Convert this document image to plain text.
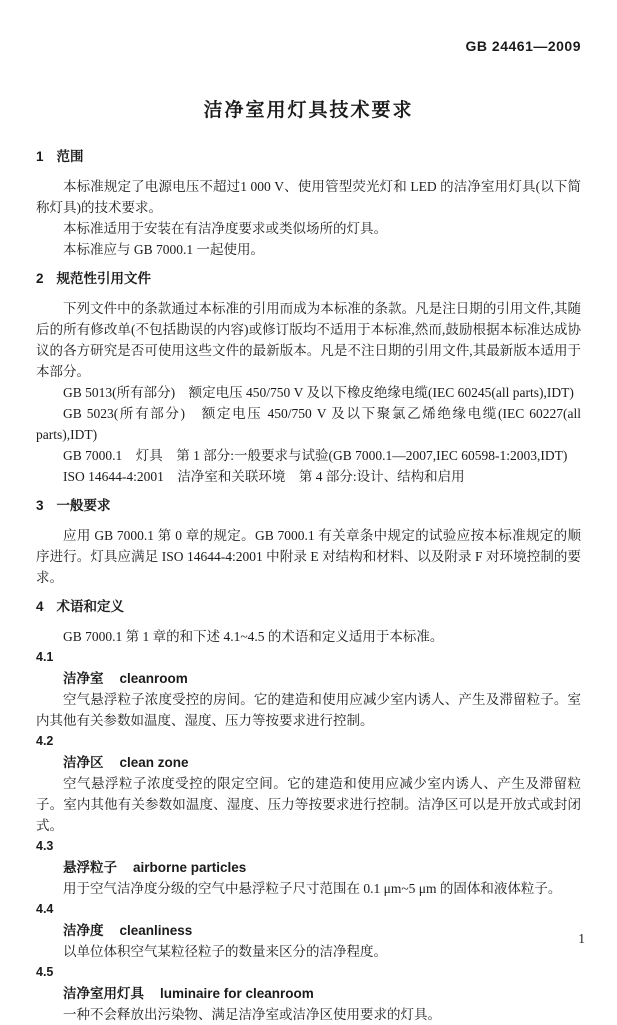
GB 24461—2009
洁净室用灯具技术要求
1 范围

本标准规定了电源电压不超过1 000 V、使用管型荧光灯和 LED 的洁净室用灯具(以下简称灯具)的技术要求。

本标准适用于安装在有洁净度要求或类似场所的灯具。

本标准应与 GB 7000.1 一起使用。

2 规范性引用文件

下列文件中的条款通过本标准的引用而成为本标准的条款。凡是注日期的引用文件,其随后的所有修改单(不包括勘误的内容)或修订版均不适用于本标准,然而,鼓励根据本标准达成协议的各方研究是否可使用这些文件的最新版本。凡是不注日期的引用文件,其最新版本适用于本部分。

GB 5013(所有部分)　额定电压 450/750 V 及以下橡皮绝缘电缆(IEC 60245(all parts),IDT)

GB 5023(所有部分)　额定电压 450/750 V 及以下聚氯乙烯绝缘电缆(IEC 60227(all parts),IDT)

GB 7000.1　灯具　第 1 部分:一般要求与试验(GB 7000.1—2007,IEC 60598-1:2003,IDT)

ISO 14644-4:2001　洁净室和关联环境　第 4 部分:设计、结构和启用

3 一般要求

应用 GB 7000.1 第 0 章的规定。GB 7000.1 有关章条中规定的试验应按本标准规定的顺序进行。灯具应满足 ISO 14644-4:2001 中附录 E 对结构和材料、以及附录 F 对环境控制的要求。

4 术语和定义

GB 7000.1 第 1 章的和下述 4.1~4.5 的术语和定义适用于本标准。

4.1
洁净室 cleanroom

空气悬浮粒子浓度受控的房间。它的建造和使用应减少室内诱人、产生及滞留粒子。室内其他有关参数如温度、湿度、压力等按要求进行控制。

4.2
洁净区 clean zone

空气悬浮粒子浓度受控的限定空间。它的建造和使用应减少室内诱人、产生及滞留粒子。室内其他有关参数如温度、湿度、压力等按要求进行控制。洁净区可以是开放式或封闭式。

4.3
悬浮粒子 airborne particles

用于空气洁净度分级的空气中悬浮粒子尺寸范围在 0.1 μm~5 μm 的固体和液体粒子。

4.4
洁净度 cleanliness

以单位体积空气某粒径粒子的数量来区分的洁净程度。

4.5
洁净室用灯具 luminaire for cleanroom

一种不会释放出污染物、满足洁净室或洁净区使用要求的灯具。

1
